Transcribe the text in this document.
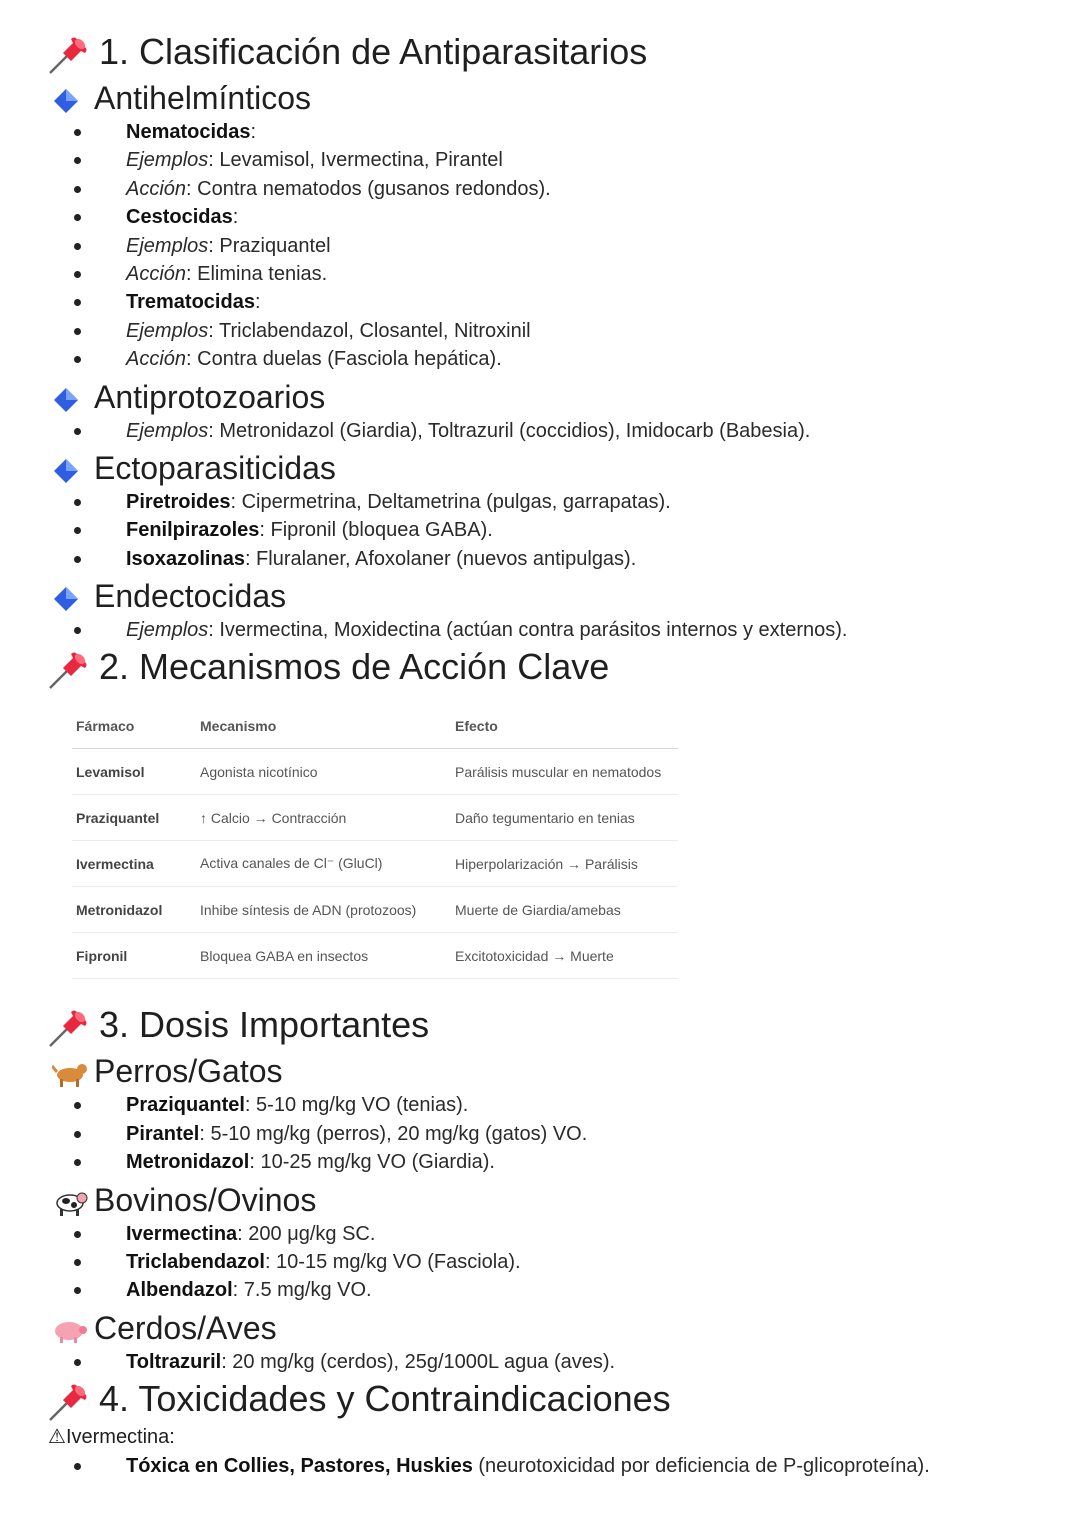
1. Clasificación de Antiparasitarios
Antihelmínticos
Nematocidas:
Ejemplos: Levamisol, Ivermectina, Pirantel
Acción: Contra nematodos (gusanos redondos).
Cestocidas:
Ejemplos: Praziquantel
Acción: Elimina tenias.
Trematocidas:
Ejemplos: Triclabendazol, Closantel, Nitroxinil
Acción: Contra duelas (Fasciola hepática).
Antiprotozoarios
Ejemplos: Metronidazol (Giardia), Toltrazuril (coccidios), Imidocarb (Babesia).
Ectoparasiticidas
Piretroides: Cipermetrina, Deltametrina (pulgas, garrapatas).
Fenilpirazoles: Fipronil (bloquea GABA).
Isoxazolinas: Fluralaner, Afoxolaner (nuevos antipulgas).
Endectocidas
Ejemplos: Ivermectina, Moxidectina (actúan contra parásitos internos y externos).
2. Mecanismos de Acción Clave
Fármaco	Mecanismo	Efecto
Levamisol	Agonista nicotínico	Parálisis muscular en nematodos
Praziquantel	↑ Calcio → Contracción	Daño tegumentario en tenias
Ivermectina	Activa canales de Cl⁻ (GluCl)	Hiperpolarización → Parálisis
Metronidazol	Inhibe síntesis de ADN (protozoos)	Muerte de Giardia/amebas
Fipronil	Bloquea GABA en insectos	Excitotoxicidad → Muerte
3. Dosis Importantes
Perros/Gatos
Praziquantel: 5-10 mg/kg VO (tenias).
Pirantel: 5-10 mg/kg (perros), 20 mg/kg (gatos) VO.
Metronidazol: 10-25 mg/kg VO (Giardia).
Bovinos/Ovinos
Ivermectina: 200 μg/kg SC.
Triclabendazol: 10-15 mg/kg VO (Fasciola).
Albendazol: 7.5 mg/kg VO.
Cerdos/Aves
Toltrazuril: 20 mg/kg (cerdos), 25g/1000L agua (aves).
4. Toxicidades y Contraindicaciones
⚠Ivermectina:
Tóxica en Collies, Pastores, Huskies (neurotoxicidad por deficiencia de P-glicoproteína).
